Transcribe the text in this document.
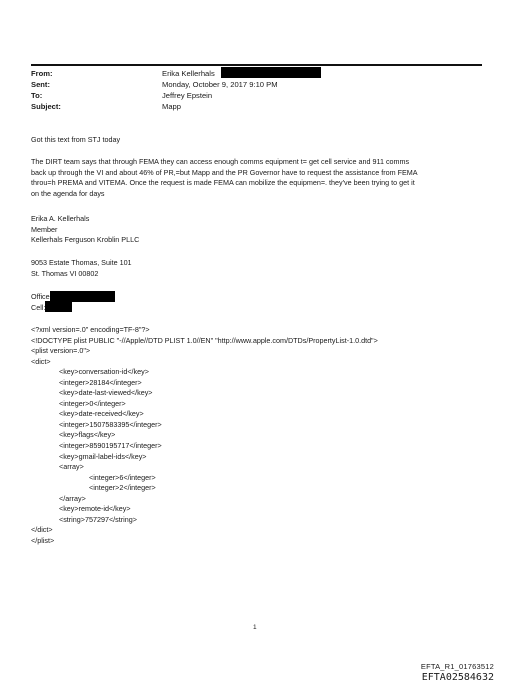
From:	Erika Kellerhals
Sent:	Monday, October 9, 2017 9:10 PM
To:	Jeffrey Epstein
Subject:	Mapp
Got this text from STJ today
The DIRT team says that through FEMA they can access enough comms equipment t= get cell service and 911 comms
back up through the VI and about 46% of PR,=but Mapp and the PR Governor have to request the assistance from FEMA
throu=h PREMA and VITEMA. Once the request is made FEMA can mobilize the equipmen=. they've been trying to get it
on the agenda for days
Erika A. Kellerhals
Member
Kellerhals Ferguson Kroblin PLLC
9053 Estate Thomas, Suite 101
St. Thomas VI 00802
Office
Cell:
<?xml version=.0" encoding=TF-8"?>
<!DOCTYPE plist PUBLIC "-//Apple//DTD PLIST 1.0//EN" "http://www.apple.com/DTDs/PropertyList-1.0.dtd">
<plist version=.0">
<dict>
<key>conversation-id</key>
<integer>28184</integer>
<key>date-last-viewed</key>
<integer>0</integer>
<key>date-received</key>
<integer>1507583395</integer>
<key>flags</key>
<integer>8590195717</integer>
<key>gmail-label-ids</key>
<array>
<integer>6</integer>
<integer>2</integer>
</array>
<key>remote-id</key>
<string>757297</string>
</dict>
</plist>
1
EFTA_R1_01763512
EFTA02584632
